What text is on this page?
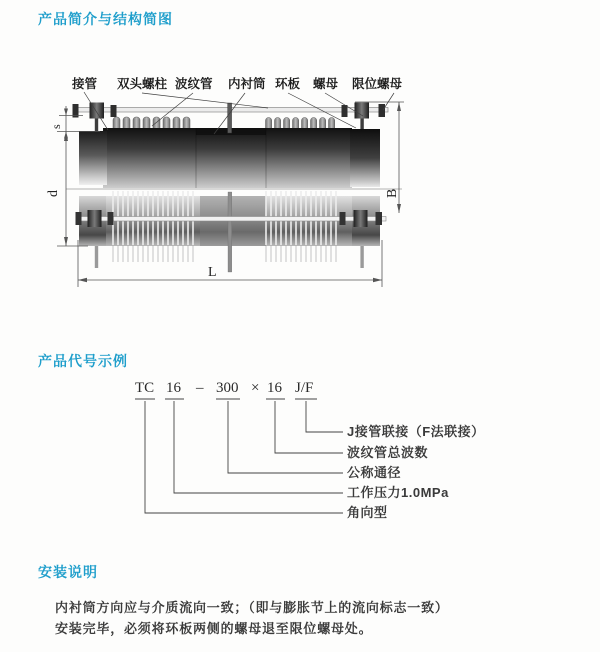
产品简介与结构简图
s
d	B
L
接管 双头螺柱 波纹管 内衬筒 环板 螺母 限位螺母
产品代号示例
TC 16 – 300 × 16 J/F
J接管联接（F法联接）
波纹管总波数
公称通径
工作压力1.0MPa
角向型
安装说明
内衬筒方向应与介质流向一致；（即与膨胀节上的流向标志一致）
安装完毕，必须将环板两侧的螺母退至限位螺母处。
